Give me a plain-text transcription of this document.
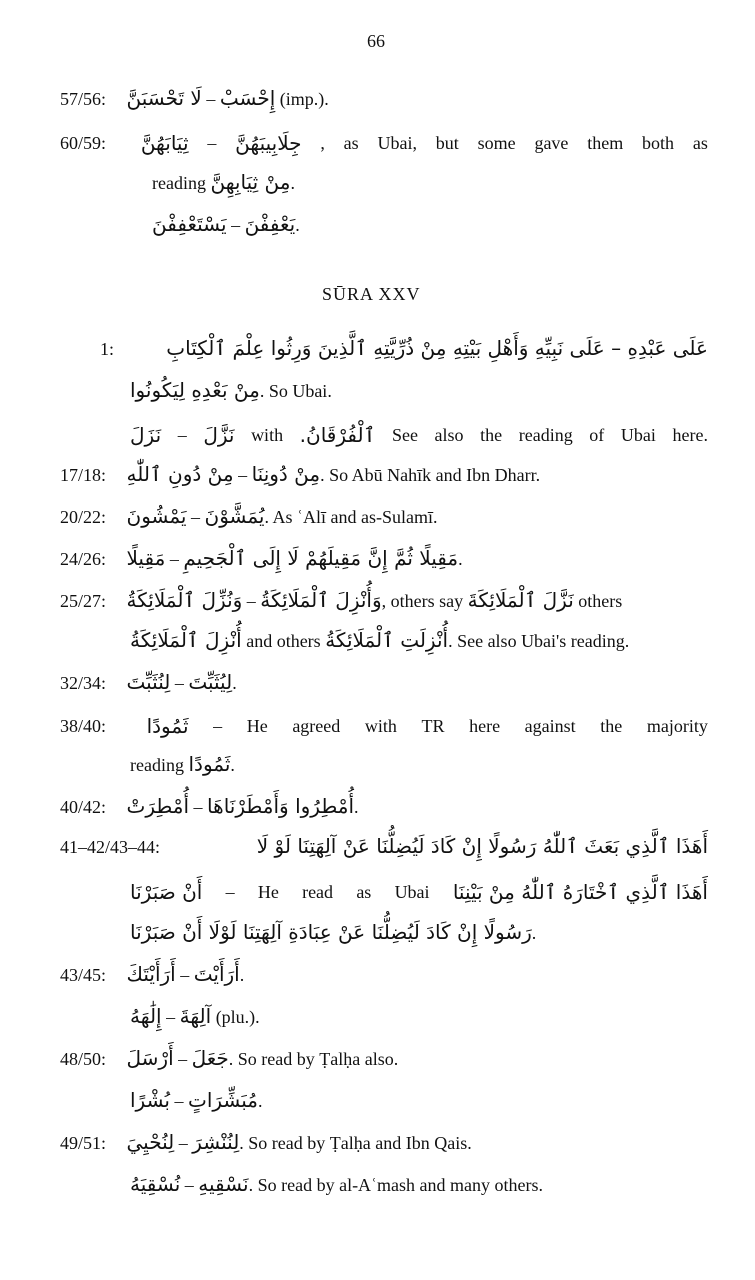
66
57/56: لَا تَحْسَبَنَّ – إِحْسَبْ (imp.).
60/59:	ثِيَابَهُنَّ – جِلَابِيبَهُنَّ , as Ubai, but some gave them both as
reading مِنْ ثِيَابِهِنَّ.
يَسْتَعْفِفْنَ – يَعْفِفْنَ.
SŪRA XXV
1:	عَلَى عَبْدِهِ – عَلَى نَبِيِّهِ وَأَهْلِ بَيْتِهِ مِنْ ذُرِّيَّتِهِ ٱلَّذِينَ وَرِثُوا عِلْمَ ٱلْكِتَابِ
مِنْ بَعْدِهِ لِيَكُونُوا. So Ubai.
نَزَلَ – نَزَّلَ with ٱلْفُرْقَانُ. See also the reading of Ubai here.
17/18: مِنْ دُونِ ٱللّٰهِ – مِنْ دُونِنَا. So Abū Nahīk and Ibn Dharr.
20/22: يَمْشُونَ – يُمَشَّوْنَ. As ʿAlī and as-Sulamī.
24/26: مَقِيلًا – مَقِيلًا ثُمَّ إِنَّ مَقِيلَهُمْ لَا إِلَى ٱلْجَحِيمِ.
25/27: وَنُزِّلَ ٱلْمَلَائِكَةُ – وَأُنْزِلَ ٱلْمَلَائِكَةُ, others say نَزَّلَ ٱلْمَلَائِكَةَ others
أُنْزِلَ ٱلْمَلَائِكَةُ and others أُنْزِلَتِ ٱلْمَلَائِكَةُ. See also Ubai's reading.
32/34: لِنُثَبِّتَ – لِيُثَبِّتَ.
38/40:	ثَمُودًا – He agreed with TR here against the majority
reading ثَمُودًا.
40/42: أُمْطِرَتْ – أُمْطِرُوا وَأَمْطَرْنَاهَا.
41–42/43–44:	أَهَذَا ٱلَّذِي بَعَثَ ٱللّٰهُ رَسُولًا إِنْ كَادَ لَيُضِلُّنَا عَنْ آلِهَتِنَا لَوْ لَا
أَنْ صَبَرْنَا – He read as Ubai أَهَذَا ٱلَّذِي ٱخْتَارَهُ ٱللّٰهُ مِنْ بَيْنِنَا
رَسُولًا إِنْ كَادَ لَيُضِلُّنَا عَنْ عِبَادَةِ آلِهَتِنَا لَوْلَا أَنْ صَبَرْنَا.
43/45: أَرَأَيْتَكَ – أَرَأَيْتَ.
إِلَٰهَهُ – آلِهَةَ (plu.).
48/50: أَرْسَلَ – جَعَلَ. So read by Ṭalḥa also.
بُشْرًا – مُبَشِّرَاتٍ.
49/51: لِنُحْيِيَ – لِنُنْشِرَ. So read by Ṭalḥa and Ibn Qais.
نُسْقِيَهُ – نَسْقِيهِ. So read by al-Aʿmash and many others.
